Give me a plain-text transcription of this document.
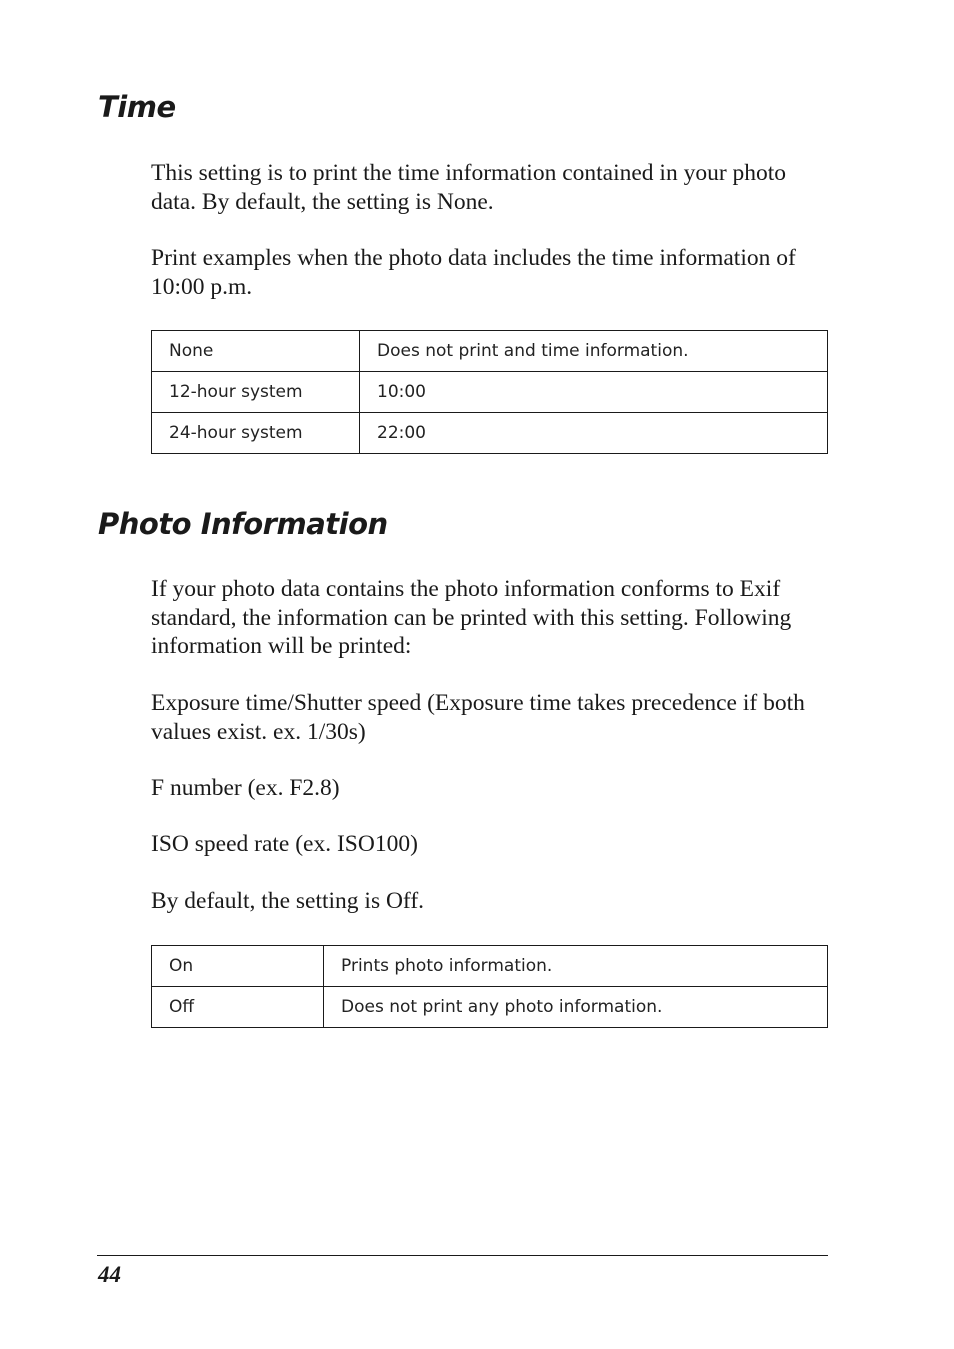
Time

This setting is to print the time information contained in your photo data. By default, the setting is None.

Print examples when the photo data includes the time information of 10:00 p.m.

None	Does not print and time information.
12-hour system	10:00
24-hour system	22:00
Photo Information

If your photo data contains the photo information conforms to Exif standard, the information can be printed with this setting. Following information will be printed:

Exposure time/Shutter speed (Exposure time takes precedence if both values exist. ex. 1/30s)

F number (ex. F2.8)

ISO speed rate (ex. ISO100)

By default, the setting is Off.

On	Prints photo information.
Off	Does not print any photo information.
44
